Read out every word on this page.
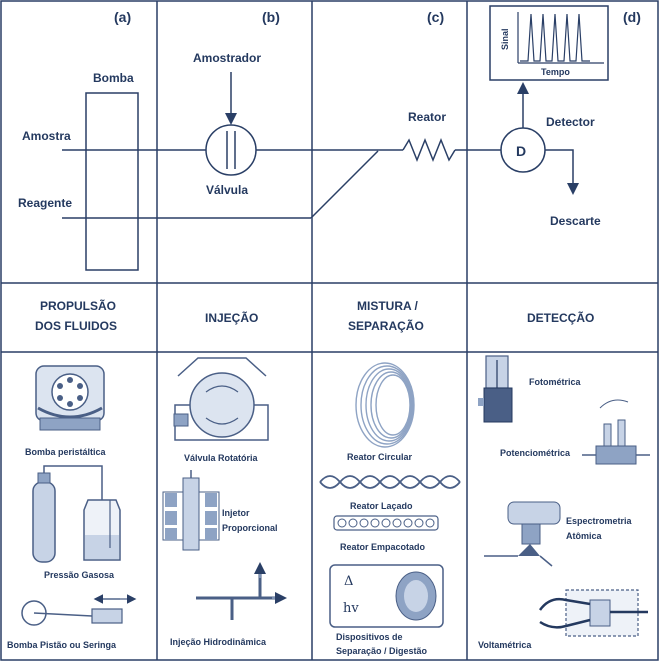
(a)	(b)	(c)	(d)
Bomba
Amostra
Reagente
Amostrador
Válvula
Reator	Detector
D
Descarte
Sinal
Tempo
PROPULSÃO
DOS FLUIDOS
INJEÇÃO
MISTURA /
SEPARAÇÃO
DETECÇÃO
Bomba peristáltica
Pressão Gasosa
Bomba Pistão ou Seringa
Válvula Rotatória
Injetor
Proporcional
Injeção Hidrodinâmica
Reator Circular
Reator Laçado
Reator Empacotado
Δ
hv
Dispositivos de
Separação / Digestão
Fotométrica
Potenciométrica
Espectrometria
Atômica
Voltamétrica
